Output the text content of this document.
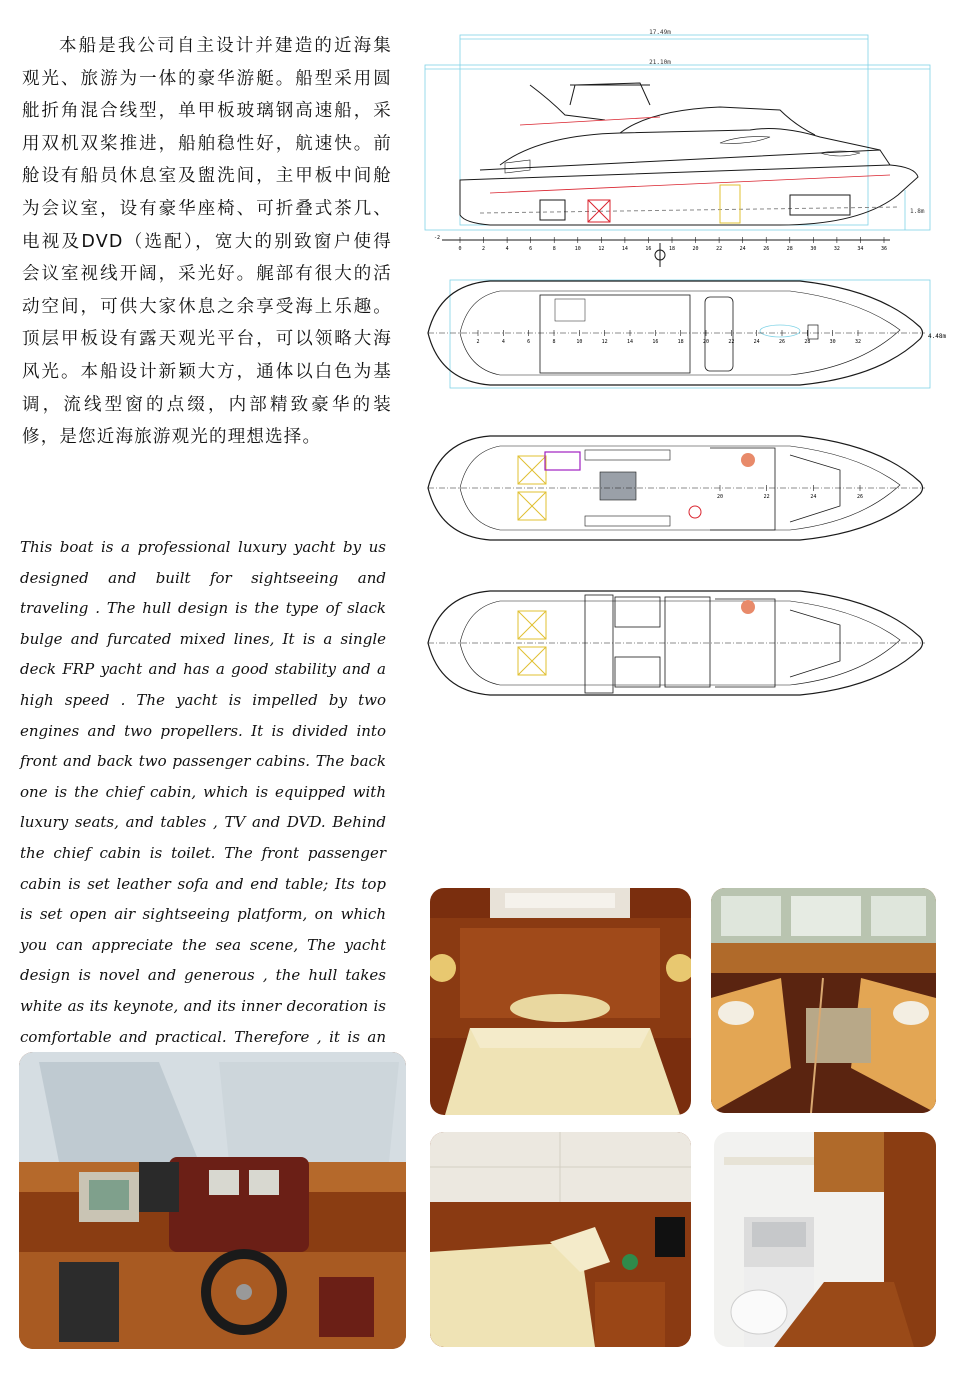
本船是我公司自主设计并建造的近海集观光、旅游为一体的豪华游艇。船型采用圆舭折角混合线型，单甲板玻璃钢高速船，采用双机双桨推进，船舶稳性好，航速快。前舱设有船员休息室及盥洗间，主甲板中间舱为会议室，设有豪华座椅、可折叠式茶几、电视及DVD（选配），宽大的别致窗户使得会议室视线开阔，采光好。艉部有很大的活动空间，可供大家休息之余享受海上乐趣。顶层甲板设有露天观光平台，可以领略大海风光。本船设计新颖大方，通体以白色为基调，流线型窗的点缀，内部精致豪华的装修，是您近海旅游观光的理想选择。
This boat is a professional luxury yacht by us designed and built for sightseeing and traveling . The hull design is the type of slack bulge and furcated mixed lines, It is a single deck FRP yacht and has a good stability and a high speed . The yacht is impelled by two engines and two propellers. It is divided into front and back two passenger cabins. The back one is the chief cabin, which is equipped with luxury seats, and tables , TV and DVD. Behind the chief cabin is toilet. The front passenger cabin is set leather sofa and end table; Its top is set open air sightseeing platform, on which you can appreciate the sea scene, The yacht design is novel and generous , the hull takes white as its keynote, and its inner decoration is comfortable and practical. Therefore , it is an
17.49m
21.10m
1.8m
-2
0	2	4	6	8	10	12	14	16	18	20	22	24	26	28	30	32	34	36
4.48m
2	4	6	8	10	12	14	16	18	20	22	24	26	28	30	32
20	22	24	26
